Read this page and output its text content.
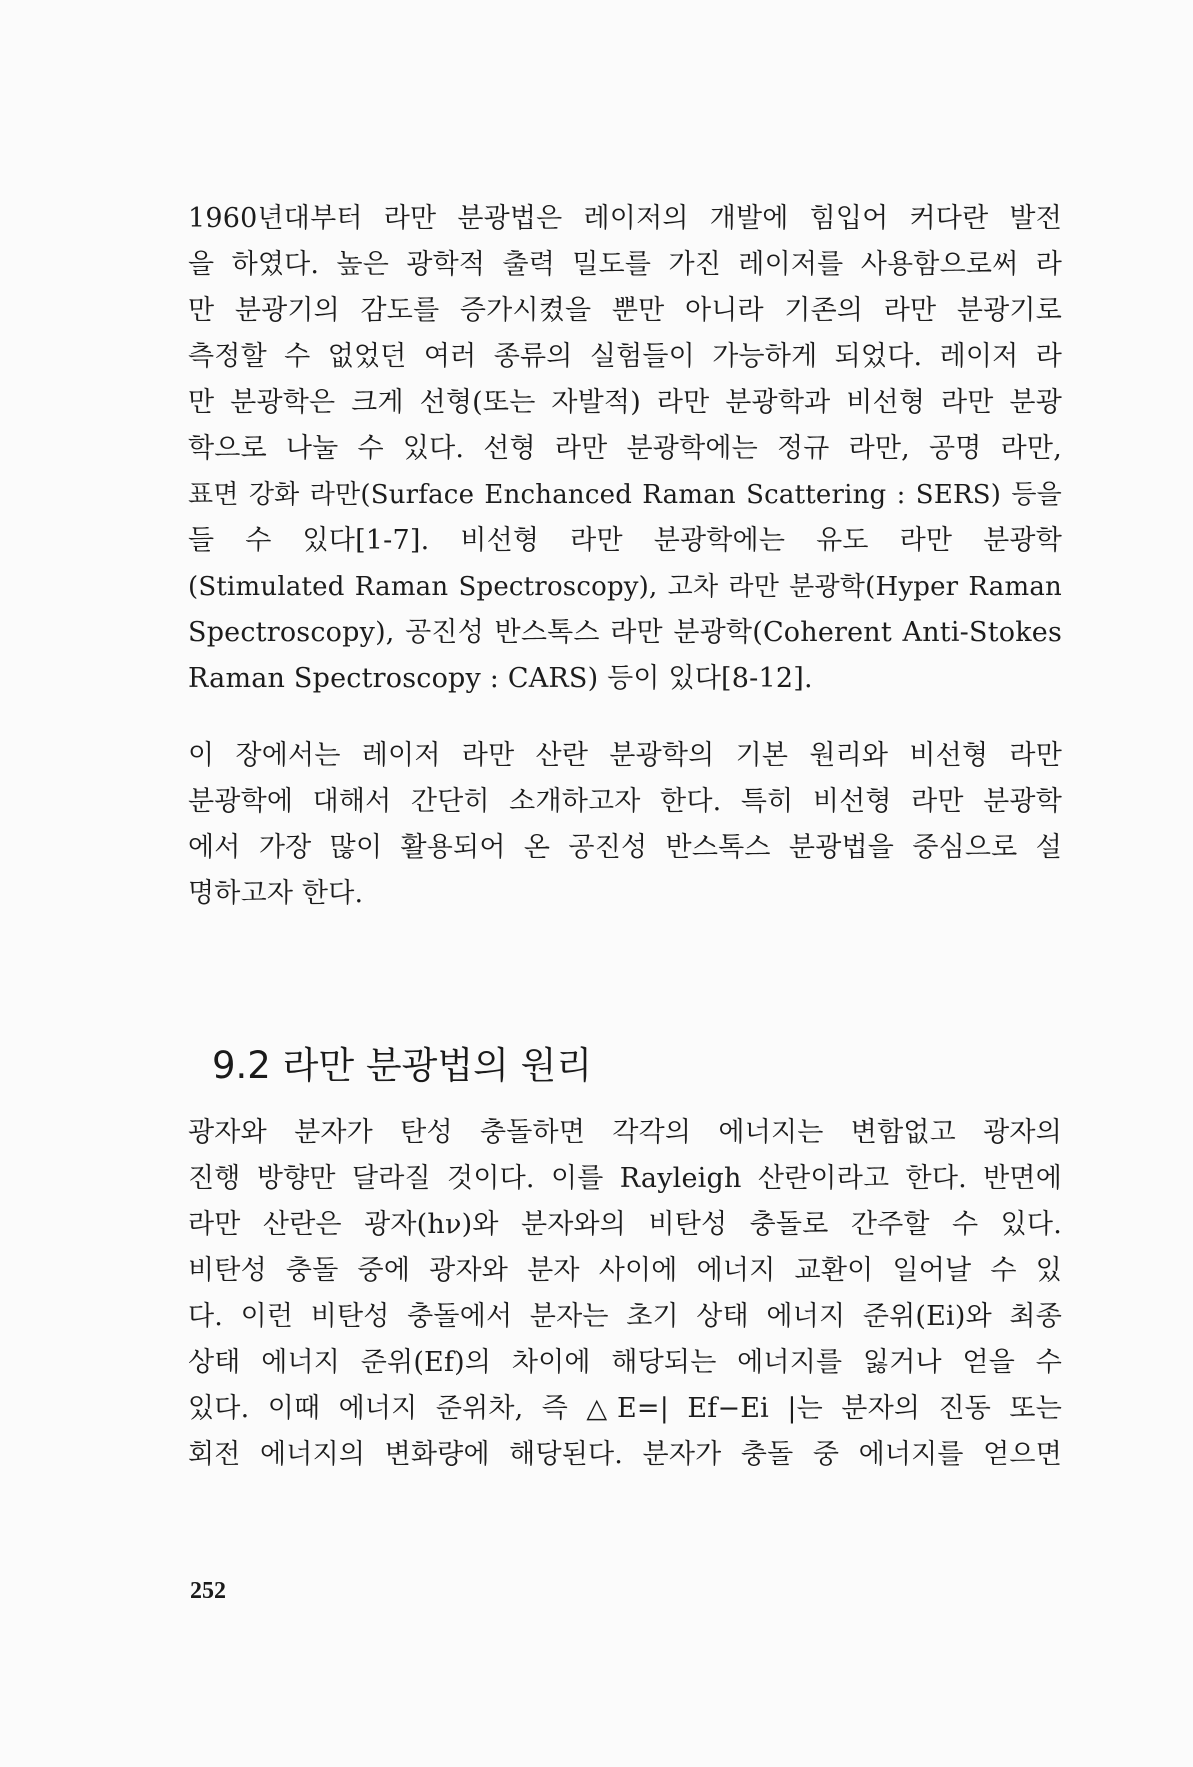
1960년대부터 라만 분광법은 레이저의 개발에 힘입어 커다란 발전
을 하였다. 높은 광학적 출력 밀도를 가진 레이저를 사용함으로써 라
만 분광기의 감도를 증가시켰을 뿐만 아니라 기존의 라만 분광기로
측정할 수 없었던 여러 종류의 실험들이 가능하게 되었다. 레이저 라
만 분광학은 크게 선형(또는 자발적) 라만 분광학과 비선형 라만 분광
학으로 나눌 수 있다. 선형 라만 분광학에는 정규 라만, 공명 라만,
표면 강화 라만(Surface Enchanced Raman Scattering : SERS) 등을
들 수 있다[1-7]. 비선형 라만 분광학에는 유도 라만 분광학
(Stimulated Raman Spectroscopy), 고차 라만 분광학(Hyper Raman
Spectroscopy), 공진성 반스톡스 라만 분광학(Coherent Anti-Stokes
Raman Spectroscopy : CARS) 등이 있다[8-12].
이 장에서는 레이저 라만 산란 분광학의 기본 원리와 비선형 라만
분광학에 대해서 간단히 소개하고자 한다. 특히 비선형 라만 분광학
에서 가장 많이 활용되어 온 공진성 반스톡스 분광법을 중심으로 설
명하고자 한다.
9.2 라만 분광법의 원리
광자와 분자가 탄성 충돌하면 각각의 에너지는 변함없고 광자의
진행 방향만 달라질 것이다. 이를 Rayleigh 산란이라고 한다. 반면에
라만 산란은 광자(hν)와 분자와의 비탄성 충돌로 간주할 수 있다.
비탄성 충돌 중에 광자와 분자 사이에 에너지 교환이 일어날 수 있
다. 이런 비탄성 충돌에서 분자는 초기 상태 에너지 준위(Ei)와 최종
상태 에너지 준위(Ef)의 차이에 해당되는 에너지를 잃거나 얻을 수
있다. 이때 에너지 준위차, 즉 △E=| Ef−Ei |는 분자의 진동 또는
회전 에너지의 변화량에 해당된다. 분자가 충돌 중 에너지를 얻으면
252
